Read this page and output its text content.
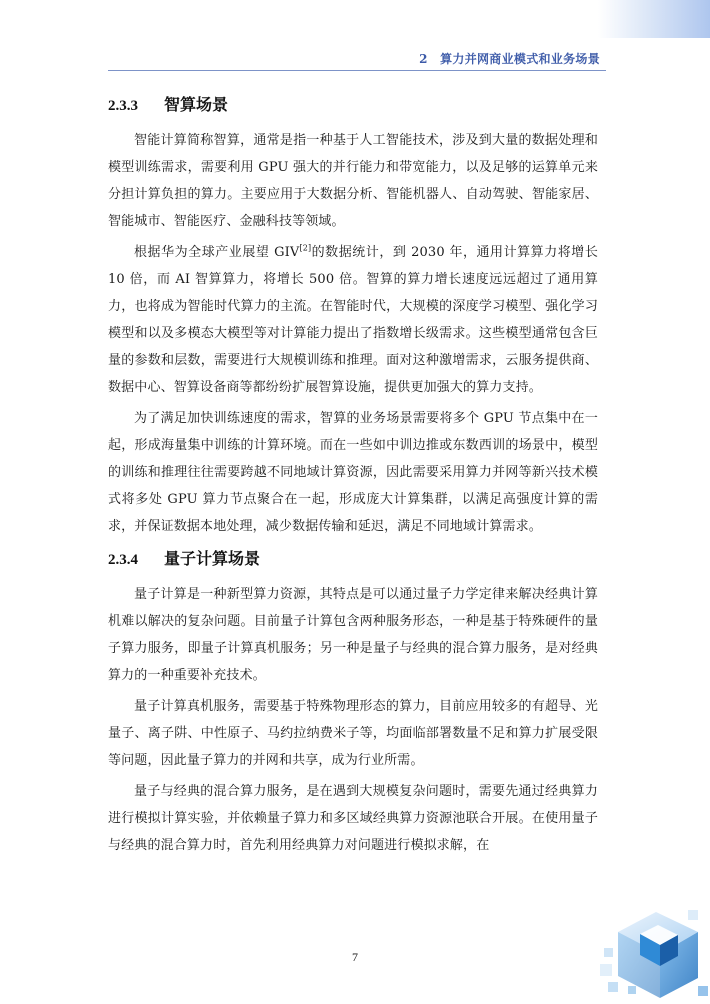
2　算力并网商业模式和业务场景
2.3.3	智算场景

智能计算简称智算，通常是指一种基于人工智能技术，涉及到大量的数据处理和模型训练需求，需要利用 GPU 强大的并行能力和带宽能力，以及足够的运算单元来分担计算负担的算力。主要应用于大数据分析、智能机器人、自动驾驶、智能家居、智能城市、智能医疗、金融科技等领域。

根据华为全球产业展望 GIV[2]的数据统计，到 2030 年，通用计算算力将增长 10 倍，而 AI 智算算力，将增长 500 倍。智算的算力增长速度远远超过了通用算力，也将成为智能时代算力的主流。在智能时代，大规模的深度学习模型、强化学习模型和以及多模态大模型等对计算能力提出了指数增长级需求。这些模型通常包含巨量的参数和层数，需要进行大规模训练和推理。面对这种激增需求，云服务提供商、数据中心、智算设备商等都纷纷扩展智算设施，提供更加强大的算力支持。

为了满足加快训练速度的需求，智算的业务场景需要将多个 GPU 节点集中在一起，形成海量集中训练的计算环境。而在一些如中训边推或东数西训的场景中，模型的训练和推理往往需要跨越不同地域计算资源，因此需要采用算力并网等新兴技术模式将多处 GPU 算力节点聚合在一起，形成庞大计算集群，以满足高强度计算的需求，并保证数据本地处理，减少数据传输和延迟，满足不同地域计算需求。

2.3.4	量子计算场景

量子计算是一种新型算力资源，其特点是可以通过量子力学定律来解决经典计算机难以解决的复杂问题。目前量子计算包含两种服务形态，一种是基于特殊硬件的量子算力服务，即量子计算真机服务；另一种是量子与经典的混合算力服务，是对经典算力的一种重要补充技术。

量子计算真机服务，需要基于特殊物理形态的算力，目前应用较多的有超导、光量子、离子阱、中性原子、马约拉纳费米子等，均面临部署数量不足和算力扩展受限等问题，因此量子算力的并网和共享，成为行业所需。

量子与经典的混合算力服务，是在遇到大规模复杂问题时，需要先通过经典算力进行模拟计算实验，并依赖量子算力和多区域经典算力资源池联合开展。在使用量子与经典的混合算力时，首先利用经典算力对问题进行模拟求解，在

7
